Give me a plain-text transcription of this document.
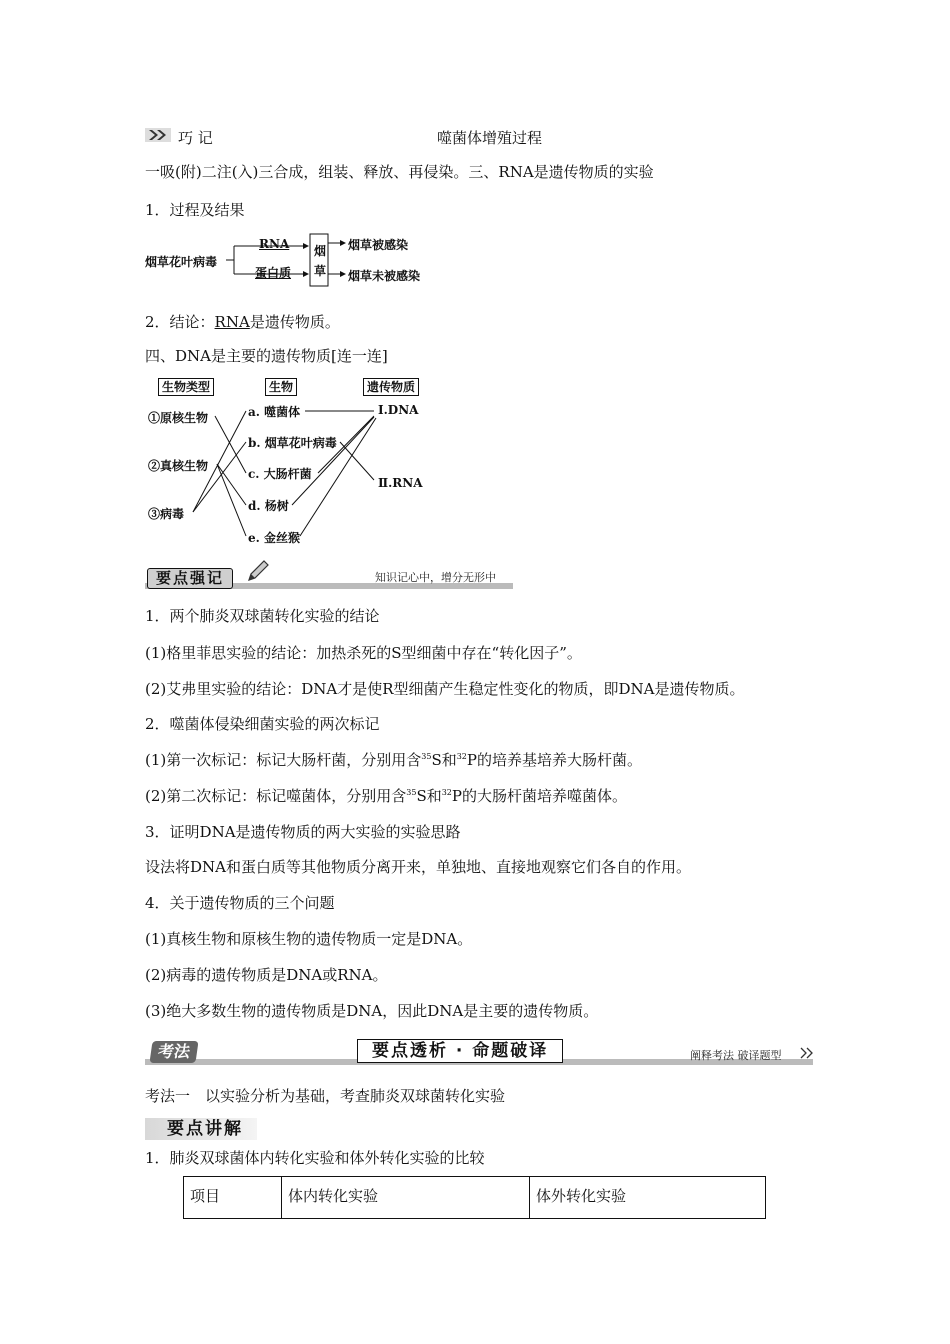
巧 记	噬菌体增殖过程
一吸(附)二注(入)三合成，组装、释放、再侵染。三、RNA是遗传物质的实验
1．过程及结果
烟草花叶病毒
RNA
蛋白质
烟
草
烟草被感染
烟草未被感染
2．结论：RNA是遗传物质。
四、DNA是主要的遗传物质[连一连]
生物类型	生物	遗传物质
①原核生物
②真核生物
③病毒
a. 噬菌体
b. 烟草花叶病毒
c. 大肠杆菌
d. 杨树
e. 金丝猴
Ⅰ.DNA
Ⅱ.RNA
要点强记	知识记心中，增分无形中
1．两个肺炎双球菌转化实验的结论
(1)格里菲思实验的结论：加热杀死的S型细菌中存在“转化因子”。
(2)艾弗里实验的结论：DNA才是使R型细菌产生稳定性变化的物质，即DNA是遗传物质。
2．噬菌体侵染细菌实验的两次标记
(1)第一次标记：标记大肠杆菌，分别用含$^{35}$S和$^{32}$P的培养基培养大肠杆菌。
(2)第二次标记：标记噬菌体，分别用含$^{35}$S和$^{32}$P的大肠杆菌培养噬菌体。
3．证明DNA是遗传物质的两大实验的实验思路
设法将DNA和蛋白质等其他物质分离开来，单独地、直接地观察它们各自的作用。
4．关于遗传物质的三个问题
(1)真核生物和原核生物的遗传物质一定是DNA。
(2)病毒的遗传物质是DNA或RNA。
(3)绝大多数生物的遗传物质是DNA，因此DNA是主要的遗传物质。
考法	要点透析 · 命题破译	阐释考法 破译题型
考法一　以实验分析为基础，考查肺炎双球菌转化实验
要点讲解
1．肺炎双球菌体内转化实验和体外转化实验的比较
项目	体内转化实验	体外转化实验
